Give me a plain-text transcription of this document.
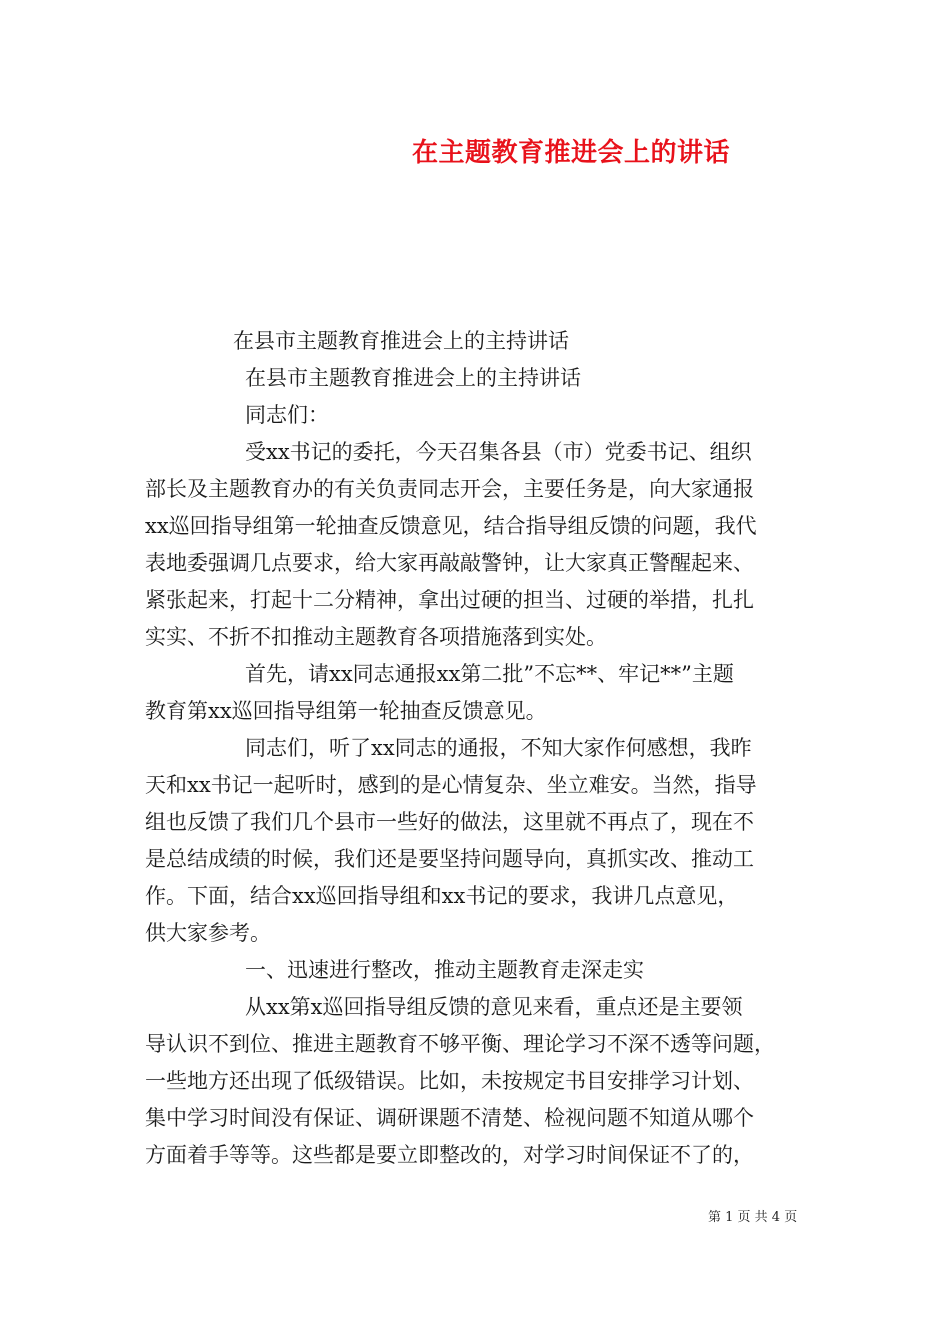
在主题教育推进会上的讲话
在县市主题教育推进会上的主持讲话
在县市主题教育推进会上的主持讲话
同志们：
受xx书记的委托，今天召集各县（市）党委书记、组织
部长及主题教育办的有关负责同志开会，主要任务是，向大家通报
xx巡回指导组第一轮抽查反馈意见，结合指导组反馈的问题，我代
表地委强调几点要求，给大家再敲敲警钟，让大家真正警醒起来、
紧张起来，打起十二分精神，拿出过硬的担当、过硬的举措，扎扎
实实、不折不扣推动主题教育各项措施落到实处。
首先，请xx同志通报xx第二批”不忘**、牢记**”主题
教育第xx巡回指导组第一轮抽查反馈意见。
同志们，听了xx同志的通报，不知大家作何感想，我昨
天和xx书记一起听时，感到的是心情复杂、坐立难安。当然，指导
组也反馈了我们几个县市一些好的做法，这里就不再点了，现在不
是总结成绩的时候，我们还是要坚持问题导向，真抓实改、推动工
作。下面，结合xx巡回指导组和xx书记的要求，我讲几点意见，
供大家参考。
一、迅速进行整改，推动主题教育走深走实
从xx第x巡回指导组反馈的意见来看，重点还是主要领
导认识不到位、推进主题教育不够平衡、理论学习不深不透等问题，
一些地方还出现了低级错误。比如，未按规定书目安排学习计划、
集中学习时间没有保证、调研课题不清楚、检视问题不知道从哪个
方面着手等等。这些都是要立即整改的，对学习时间保证不了的，
第 1 页 共 4 页
